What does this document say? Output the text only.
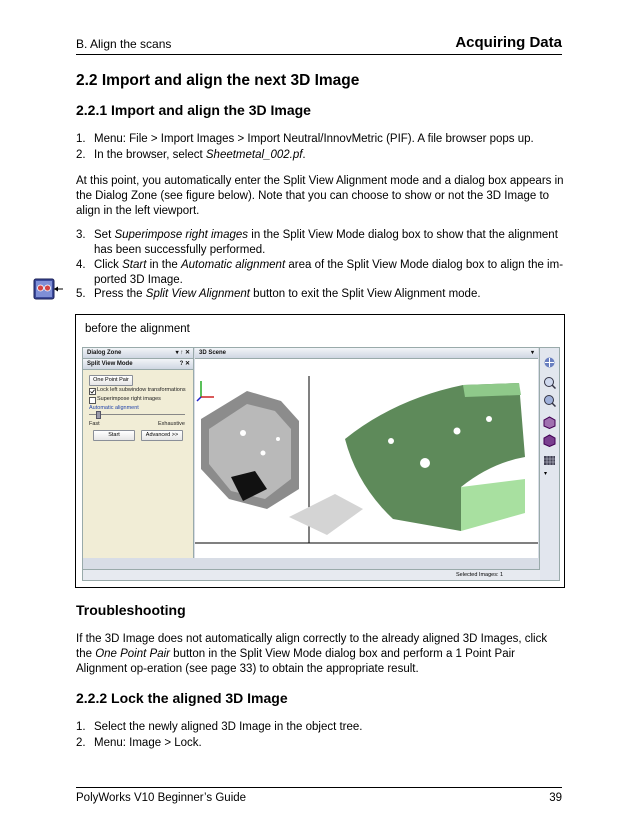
B. Align the scans	Acquiring Data
2.2 Import and align the next 3D Image
2.2.1 Import and align the 3D Image
1. Menu: File > Import Images > Import Neutral/InnovMetric (PIF). A file browser pops up.
2. In the browser, select Sheetmetal_002.pf.
At this point, you automatically enter the Split View Alignment mode and a dialog box appears in the Dialog Zone (see figure below). Note that you can choose to show or not the 3D Image to align in the left viewport.
3. Set Superimpose right images in the Split View Mode dialog box to show that the alignment has been successfully performed.
4. Click Start in the Automatic alignment area of the Split View Mode dialog box to align the im-ported 3D Image.
5. Press the Split View Alignment button to exit the Split View Alignment mode.
before the alignment
Dialog Zone	▾ ↑ ✕
Split View Mode	? ✕
One Point Pair
Lock left subwindow transformations
Superimpose right images
Automatic alignment
Fast	Exhaustive
Start	Advanced >>
3D Scene	▾
▾
Selected Images: 1
Troubleshooting
If the 3D Image does not automatically align correctly to the already aligned 3D Images, click the One Point Pair button in the Split View Mode dialog box and perform a 1 Point Pair Alignment op-eration (see page 33) to obtain the appropriate result.
2.2.2 Lock the aligned 3D Image
1. Select the newly aligned 3D Image in the object tree.
2. Menu: Image > Lock.
PolyWorks V10 Beginner’s Guide	39
